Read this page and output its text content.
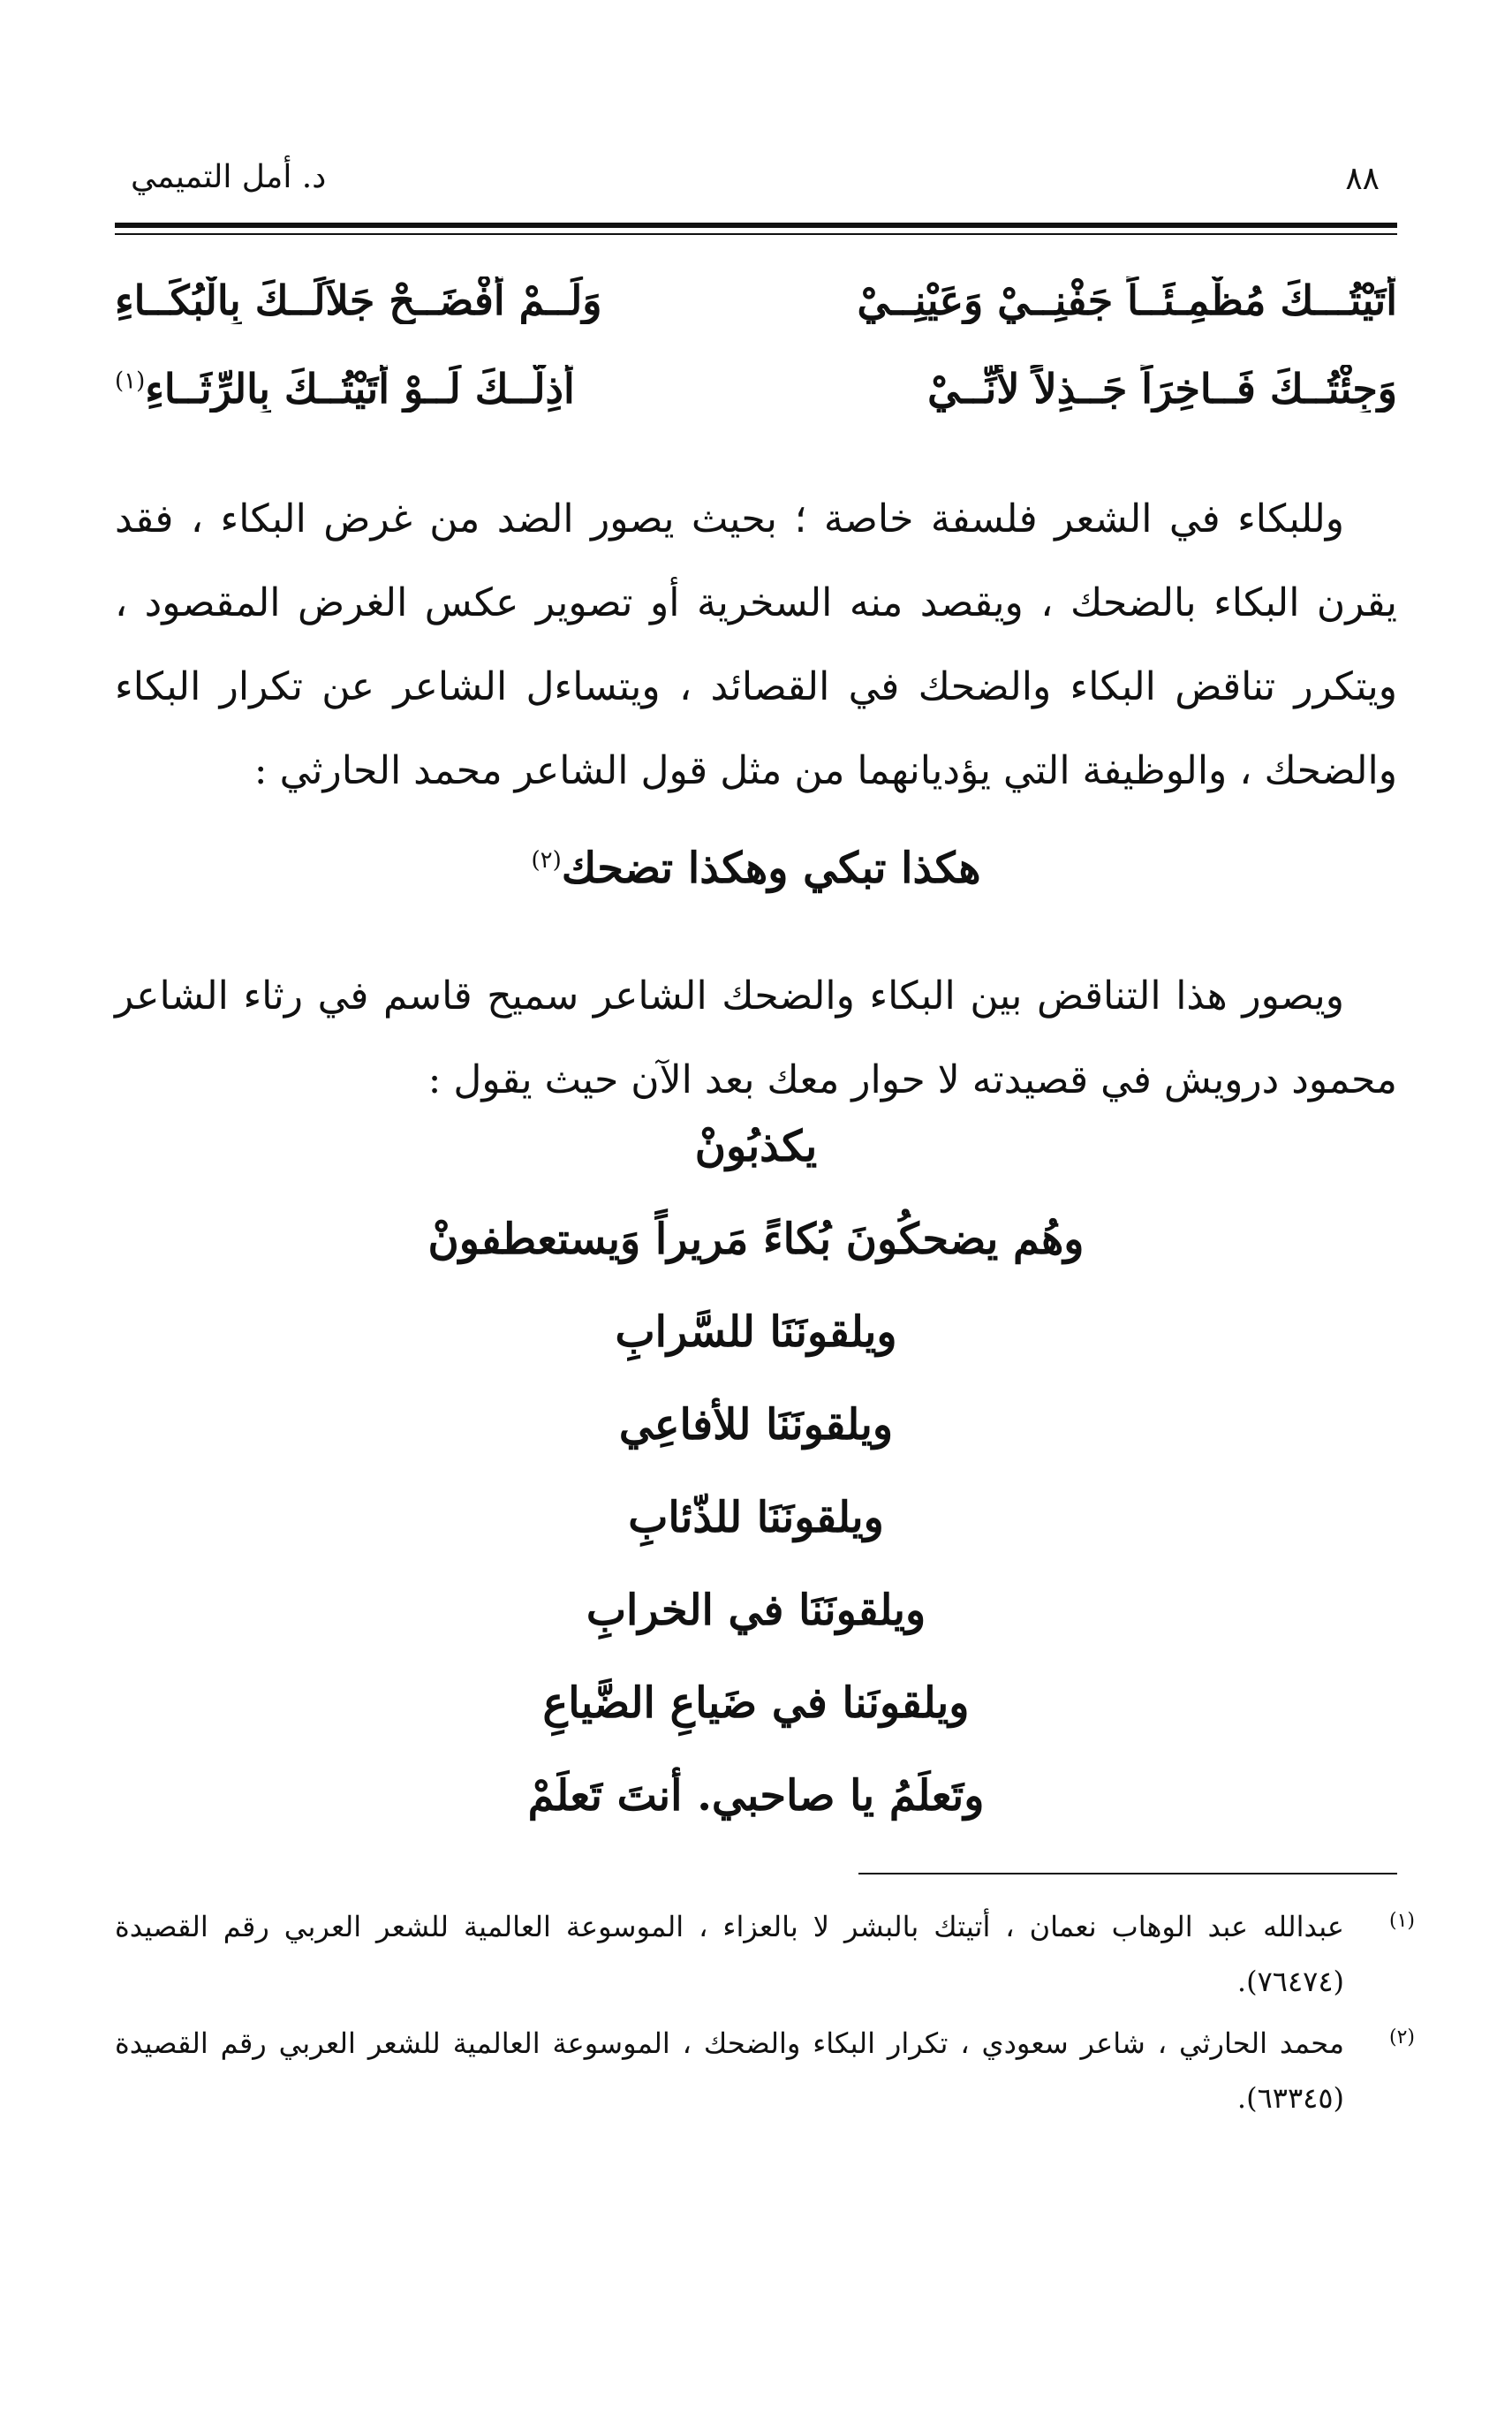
٨٨
د. أمل التميمي
أَتَيْتُـــكَ مُظْمِـئَــاً جَفْنِــيْ وَعَيْنِــيْ
وَلَــمْ أَفْضَــحْ جَلاَلَــكَ بِالْبُكَــاءِ
وَجِئْتُــكَ فَــاخِرَاً جَــذِلاً لأَنِّــيْ
أُذِلُّــكَ لَــوْ أَتَيْتُــكَ بِالرِّثَــاءِ$^{(١)}$

وللبكاء في الشعر فلسفة خاصة ؛ بحيث يصور الضد من غرض البكاء ، فقد يقرن البكاء بالضحك ، ويقصد منه السخرية أو تصوير عكس الغرض المقصود ، ويتكرر تناقض البكاء والضحك في القصائد ، ويتساءل الشاعر عن تكرار البكاء والضحك ، والوظيفة التي يؤديانهما من مثل قول الشاعر محمد الحارثي :

هكذا تبكي وهكذا تضحك$^{(٢)}$

ويصور هذا التناقض بين البكاء والضحك الشاعر سميح قاسم في رثاء الشاعر محمود درويش في قصيدته لا حوار معك بعد الآن حيث يقول :

يكذبُونْ
وهُم يضحكُونَ بُكاءً مَريراً وَيستعطفونْ
ويلقونَنَا للسَّرابِ
ويلقونَنَا للأفاعِي
ويلقونَنَا للذّئابِ
ويلقونَنَا في الخرابِ
ويلقونَنا في ضَياعِ الضَّياعِ
وتَعلَمُ يا صاحبي. أنتَ تَعلَمْ
(١)
عبدالله عبد الوهاب نعمان ، أتيتك بالبشر لا بالعزاء ، الموسوعة العالمية للشعر العربي رقم القصيدة (٧٦٤٧٤).
(٢)
محمد الحارثي ، شاعر سعودي ، تكرار البكاء والضحك ، الموسوعة العالمية للشعر العربي رقم القصيدة (٦٣٣٤٥).
